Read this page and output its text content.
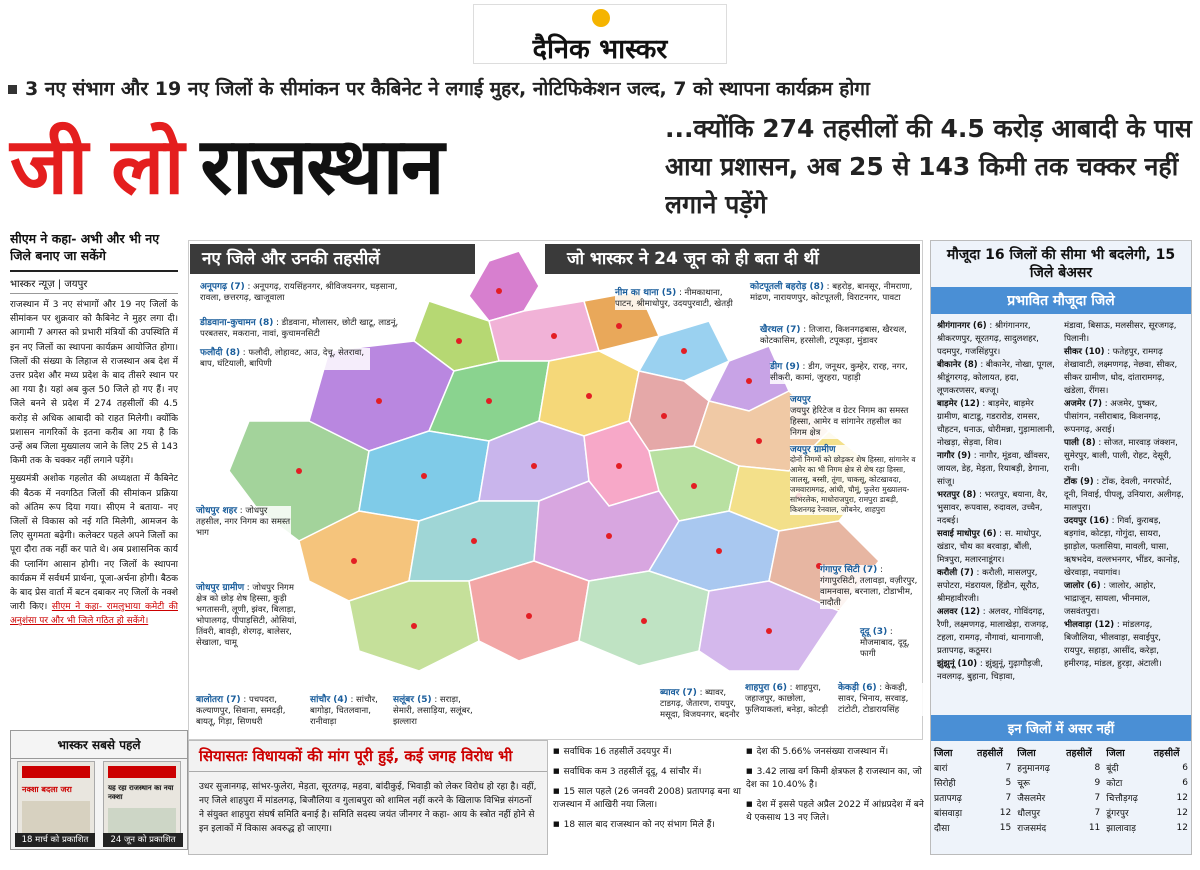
दैनिक भास्कर
3 नए संभाग और 19 नए जिलों के सीमांकन पर कैबिनेट ने लगाई मुहर, नोटिफिकेशन जल्द, 7 को स्थापना कार्यक्रम होगा
जी लो राजस्थान	...क्योंकि 274 तहसीलों की 4.5 करोड़ आबादी के पास आया प्रशासन, अब 25 से 143 किमी तक चक्कर नहीं लगाने पड़ेंगे
सीएम ने कहा- अभी और भी नए जिले बनाए जा सकेंगे
भास्कर न्यूज़ | जयपुर

राजस्थान में 3 नए संभागों और 19 नए जिलों के सीमांकन पर शुक्रवार को कैबिनेट ने मुहर लगा दी। आगामी 7 अगस्त को प्रभारी मंत्रियों की उपस्थिति में इन नए जिलों का स्थापना कार्यक्रम आयोजित होगा। जिलों की संख्या के लिहाज से राजस्थान अब देश में उत्तर प्रदेश और मध्य प्रदेश के बाद तीसरे स्थान पर आ गया है। यहां अब कुल 50 जिले हो गए हैं। नए जिले बनने से प्रदेश में 274 तहसीलों की 4.5 करोड़ से अधिक आबादी को राहत मिलेगी। क्योंकि प्रशासन नागरिकों के इतना करीब आ गया है कि उन्हें अब जिला मुख्यालय जाने के लिए 25 से 143 किमी तक के चक्कर नहीं लगाने पड़ेंगे।

मुख्यमंत्री अशोक गहलोत की अध्यक्षता में कैबिनेट की बैठक में नवगठित जिलों की सीमांकन प्रक्रिया को अंतिम रूप दिया गया। सीएम ने बताया- नए जिलों से विकास को नई गति मिलेगी, आमजन के लिए सुगमता बढ़ेगी। कलेक्टर पहले अपने जिलों का पूरा दौरा तक नहीं कर पाते थे। अब प्रशासनिक कार्य की प्लानिंग आसान होगी। नए जिलों के स्थापना कार्यक्रम में सर्वधर्म प्रार्थना, पूजा-अर्चना होगी। बैठक के बाद प्रेस वार्ता में बटन दबाकर नए जिलों के नक्शे जारी किए। सीएम ने कहा- रामलुभाया कमेटी की अनुशंसा पर और भी जिले गठित हो सकेंगे।

भास्कर सबसे पहले
नक्शा बदला जरा	यह रहा राजस्थान का नया नक्शा
18 मार्च को प्रकाशित	24 जून को प्रकाशित
नए जिले और उनकी तहसीलें	जो भास्कर ने 24 जून को ही बता दी थीं
अनूपगढ़ (7) : अनूपगढ़, रायसिंहनगर, श्रीविजयनगर, घड़साना, रावला, छत्तरगढ़, खाजूवाला
डीडवाना-कुचामन (8) : डीडवाना, मौलासर, छोटी खाटू, लाडनूं, परबतसर, मकराना, नावां, कुचामनसिटी
फलौदी (8) : फलौदी, लोहावट, आउ, देचू, सेतरावा, बाप, घंटियाली, बापिणी
नीम का थाना (5) : नीमकाथाना, पाटन, श्रीमाधोपुर, उदयपुरवाटी, खेतड़ी
कोटपूतली बहरोड़ (8) : बहरोड़, बानसूर, नीमराणा, मांढण, नारायणपुर, कोटपूतली, विराटनगर, पावटा
खैरथल (7) : तिजारा, किशनगढ़बास, खैरथल, कोटकासिम, हरसोली, टपूकड़ा, मुंडावर
डीग (9) : डीग, जनूथर, कुम्हेर, रारह, नगर, सीकरी, कामां, जुरहरा, पहाड़ी
जयपुर
जयपुर हेरिटेज व ग्रेटर निगम का समस्त हिस्सा, आमेर व सांगानेर तहसील का निगम क्षेत्र
जयपुर ग्रामीण
दोनों निगमों को छोड़कर शेष हिस्सा, सांगानेर व आमेर का भी निगम क्षेत्र से शेष रहा हिस्सा, जालसू, बस्सी, तूंगा, चाकसू, कोटखावदा, जमवारामगढ़, आंधी, चौमूं, फुलेरा मुख्यालय-सांभरलेक, माधोराजपुरा, रामपुरा डाबड़ी, किशनगढ़ रेनवाल, जोबनेर, शाहपुरा
जोधपुर शहर : जोधपुर तहसील, नगर निगम का समस्त भाग
जोधपुर ग्रामीण : जोधपुर निगम क्षेत्र को छोड़ शेष हिस्सा, कुड़ी भगतासनी, लूणी, झंवर, बिलाड़ा, भोपालगढ़, पीपाड़सिटी, ओसियां, तिंवरी, बावड़ी, शेरगढ़, बालेसर, सेखाला, चामू
गंगापुर सिटी (7) : गंगापुरसिटी, तलावड़ा, वज़ीरपुर, वामनवास, बरनाला, टोडाभीम, नादौती
दूदू (3) : मौजमाबाद, दूदू, फागी
बालोतरा (7) : पचपदरा, कल्याणपुर, सिवाना, समदड़ी, बायतू, गिड़ा, सिणधरी
सांचौर (4) : सांचौर, बागोड़ा, चितलवाना, रानीवाड़ा
सलूंबर (5) : सराड़ा, सेमारी, लसाड़िया, सलूंबर, झल्लारा
ब्यावर (7) : ब्यावर, टाडगढ़, जैतारण, रायपुर, मसूदा, विजयनगर, बदनौर
शाहपुरा (6) : शाहपुरा, जहाजपुर, काछोला, फुलियाकलां, बनेड़ा, कोटड़ी
केकड़ी (6) : केकड़ी, सावर, भिनाय, सरवाड़, टांटोटी, टोडारायसिंह
सियासतः विधायकों की मांग पूरी हुई, कई जगह विरोध भी
उधर सुजानगढ़, सांभर-फुलेरा, मेड़ता, सूरतगढ़, महवा, बांदीकुई, भिवाड़ी को लेकर विरोध हो रहा है। वहीं, नए जिले शाहपुरा में मांडलगढ़, बिजौलिया व गुलाबपुरा को शामिल नहीं करने के खिलाफ विभिन्न संगठनों ने संयुक्त शाहपुरा संघर्ष समिति बनाई है। समिति सदस्य जयंत जीनगर ने कहा- आय के स्त्रोत नहीं होने से इन इलाकों में विकास अवरुद्ध हो जाएगा।
■ सर्वाधिक 16 तहसीलें उदयपुर में।
■ सर्वाधिक कम 3 तहसीलें दूदू, 4 सांचौर में।
■ 15 साल पहले (26 जनवरी 2008) प्रतापगढ़ बना था राजस्थान में आखिरी नया जिला।
■ 18 साल बाद राजस्थान को नए संभाग मिले हैं।
■ देश की 5.66% जनसंख्या राजस्थान में।
■ 3.42 लाख वर्ग किमी क्षेत्रफल है राजस्थान का, जो देश का 10.40% है।
■ देश में इससे पहले अप्रैल 2022 में आंध्रप्रदेश में बने थे एकसाथ 13 नए जिले।
मौजूदा 16 जिलों की सीमा भी बदलेगी, 15 जिले बेअसर
प्रभावित मौजूदा जिले
श्रीगंगानगर (6) : श्रीगंगानगर, श्रीकरणपुर, सूरतगढ़, सादुलशहर, पदमपुर, गजसिंहपुर।
बीकानेर (8) : बीकानेर, नोखा, पूगल, श्रीडूंगरगढ़, कोलायत, हदा, लूणकरणसर, बज्जू।
बाड़मेर (12) : बाड़मेर, बाड़मेर ग्रामीण, बाटाडू, गडरारोड, रामसर, चौहटन, धनाऊ, धोरीमन्ना, गुड़ामालानी, नोखड़ा, सेड़वा, शिव।
नागौर (9) : नागौर, मूंडवा, खींवसर, जायल, डेह, मेड़ता, रियाबड़ी, डेगाना, सांजू।
भरतपुर (8) : भरतपुर, बयाना, वैर, भुसावर, रूपवास, रुदावल, उच्चैन, नदबई।
सवाई माधोपुर (6) : स. माधोपुर, खंडार, चौथ का बरवाड़ा, बौंली, मित्रपुरा, मलारनाडूंगर।
करौली (7) : करौली, मासलपुर, सपोटरा, मंडरायल, हिंडौन, सूरौठ, श्रीमहावीरजी।
अलवर (12) : अलवर, गोविंदगढ़, रैणी, लक्ष्मणगढ़, मालाखेड़ा, राजगढ़, टहला, रामगढ़, नौगावां, थानागाजी, प्रतापगढ़, कठूमर।
झुंझुनूं (10) : झुंझुनूं, गुढ़ागौड़जी, नवलगढ़, बुहाना, चिड़ावा,
मंडावा, बिसाऊ, मलसीसर, सूरजगढ़, पिलानी।
सीकर (10) : फतेहपुर, रामगढ़ शेखावाटी, लक्ष्मणगढ़, नेछवा, सीकर, सीकर ग्रामीण, धोद, दांतारामगढ़, खंडेला, रींगस।
अजमेर (7) : अजमेर, पुष्कर, पीसांगन, नसीराबाद, किशनगढ़, रूपनगढ़, अराई।
पाली (8) : सोजत, मारवाड़ जंक्शन, सुमेरपुर, बाली, पाली, रोहट, देसूरी, रानी।
टोंक (9) : टोंक, देवली, नगरफोर्ट, दूनी, निवाई, पीपलू, उनियारा, अलीगढ़, मालपुरा।
उदयपुर (16) : गिर्वा, कुराबड़, बड़गांव, कोटड़ा, गोगुंदा, सायरा, झाड़ोल, फलासिया, मावली, घासा, ऋषभदेव, वल्लभनगर, भींडर, कानोड़, खेरवाड़ा, नयागांव।
जालोर (6) : जालोर, आहोर, भाद्राजून, सायला, भीनमाल, जसवंतपुरा।
भीलवाड़ा (12) : मांडलगढ़, बिजौलिया, भीलवाड़ा, सवाईपुर, रायपुर, सहाड़ा, आसींद, करेड़ा, हमीरगढ़, मांडल, हुरड़ा, अंटाली।
इन जिलों में असर नहीं
जिला	तहसीलें	जिला	तहसीलें	जिला	तहसीलें
बारां	7	हनुमानगढ़	8	बूंदी	6
सिरोही	5	चूरू	9	कोटा	6
प्रतापगढ़	7	जैसलमेर	7	चित्तौड़गढ़	12
बांसवाड़ा	12	धौलपुर	7	डूंगरपुर	12
दौसा	15	राजसमंद	11	झालावाड़	12
